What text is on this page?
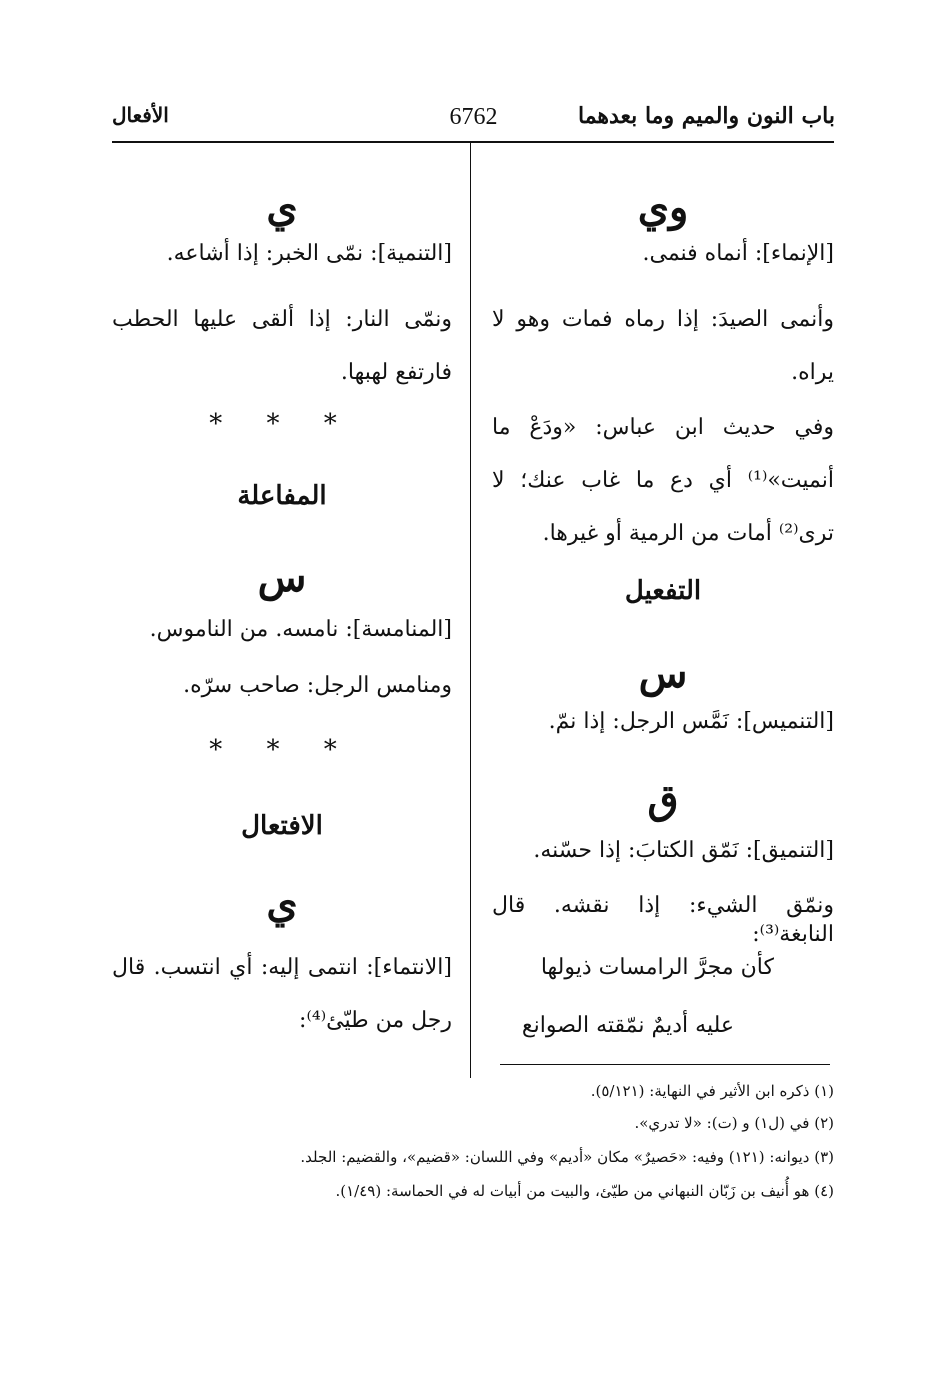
باب النون والميم وما بعدهما
6762
الأفعال
وي
[الإنماء]: أنماه فنمى.
وأنمى الصيدَ: إذا رماه فمات وهو لا يراه.
وفي حديث ابن عباس: «ودَعْ ما أنميت»⁽¹⁾ أي دع ما غاب عنك؛ لا ترى⁽²⁾ أمات من الرمية أو غيرها.
التفعيل
س
[التنميس]: نَمَّس الرجل: إذا نمّ.
ق
[التنميق]: نَمّق الكتابَ: إذا حسّنه.
ونمّق الشيء: إذا نقشه. قال النابغة⁽³⁾:
كأن مجرَّ الرامسات ذيولها
عليه أديمٌ نمّقته الصوانع
ي
[التنمية]: نمّى الخبر: إذا أشاعه.
ونمّى النار: إذا ألقى عليها الحطب فارتفع لهبها.
* * *
المفاعلة
س
[المنامسة]: نامسه. من الناموس.
ومنامس الرجل: صاحب سرّه.
* * *
الافتعال
ي
[الانتماء]: انتمى إليه: أي انتسب. قال رجل من طيّئ⁽⁴⁾:
(١) ذكره ابن الأثير في النهاية: (٥/١٢١).
(٢) في (ل١) و (ت): «لا تدري».
(٣) ديوانه: (١٢١) وفيه: «حَصيرٌ» مكان «أديم» وفي اللسان: «قضيم»، والقضيم: الجلد.
(٤) هو أُنيف بن زَبّان النبهاني من طيّئ، والبيت من أبيات له في الحماسة: (١/٤٩).
